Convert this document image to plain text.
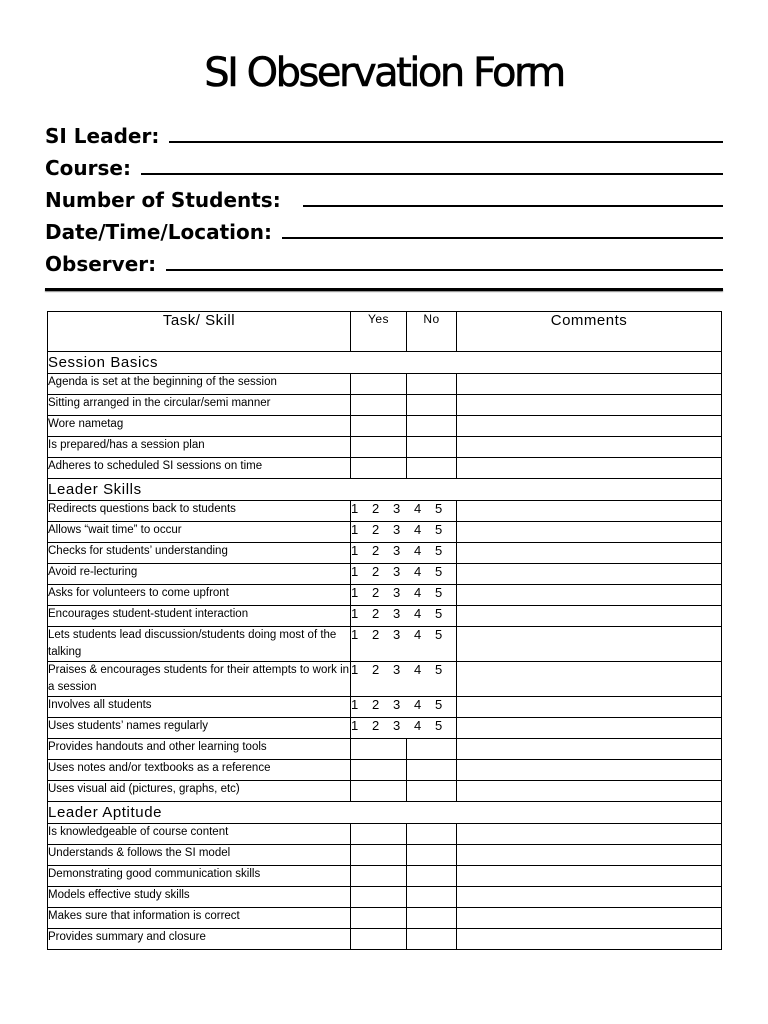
SI Observation Form
SI Leader:
Course:
Number of Students:
Date/Time/Location:
Observer:
Task/ Skill	Yes	No	Comments
Session Basics			
Agenda is set at the beginning of the session			
Sitting arranged in the circular/semi manner			
Wore nametag			
Is prepared/has a session plan			
Adheres to scheduled SI sessions on time			
Leader Skills			
Redirects questions back to students	1 2 3 4 5		
Allows “wait time” to occur	1 2 3 4 5		
Checks for students’ understanding	1 2 3 4 5		
Avoid re-lecturing	1 2 3 4 5		
Asks for volunteers to come upfront	1 2 3 4 5		
Encourages student-student interaction	1 2 3 4 5		
Lets students lead discussion/students doing most of the talking	1 2 3 4 5		
Praises & encourages students for their attempts to work in a session	1 2 3 4 5		
Involves all students	1 2 3 4 5		
Uses students’ names regularly	1 2 3 4 5		
Provides handouts and other learning tools			
Uses notes and/or textbooks as a reference			
Uses visual aid (pictures, graphs, etc)			
Leader Aptitude			
Is knowledgeable of course content			
Understands & follows the SI model			
Demonstrating good communication skills			
Models effective study skills			
Makes sure that information is correct			
Provides summary and closure			
